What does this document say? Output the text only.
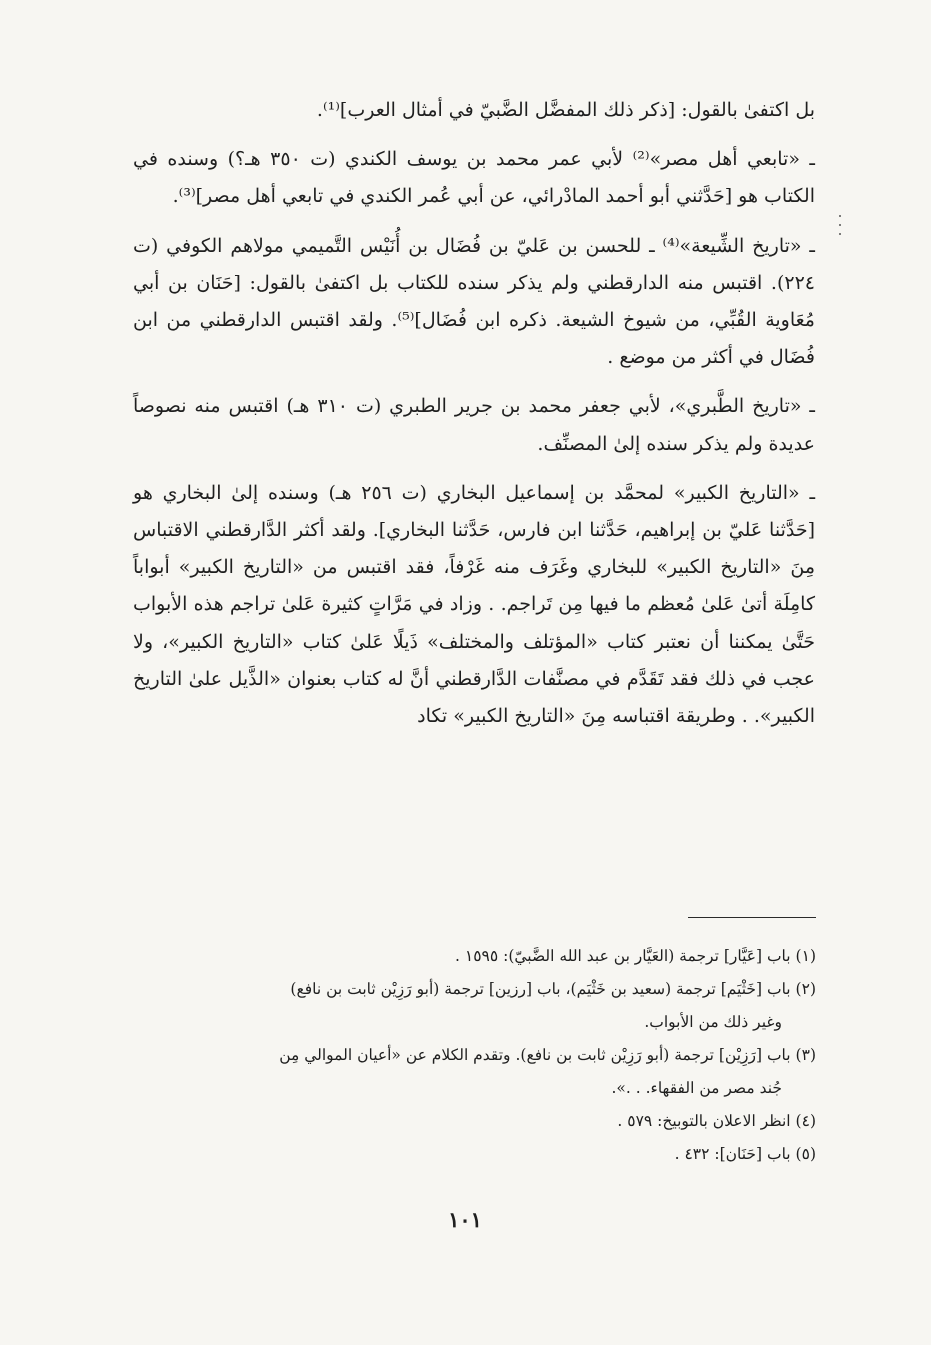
بل اكتفىٰ بالقول: [ذكر ذلك المفضَّل الضَّبيّ في أمثال العرب]⁽¹⁾.

ـ «تابعي أهل مصر»⁽²⁾ لأبي عمر محمد بن يوسف الكندي (ت ٣٥٠ هـ؟) وسنده في الكتاب هو [حَدَّثني أبو أحمد المادْرائي، عن أبي عُمر الكندي في تابعي أهل مصر]⁽³⁾.

ـ «تاريخ الشِّيعة»⁽⁴⁾ ـ للحسن بن عَليّ بن فُضَال بن أُنَيْس التَّميمي مولاهم الكوفي (ت ٢٢٤). اقتبس منه الدارقطني ولم يذكر سنده للكتاب بل اكتفىٰ بالقول: [حَنَان بن أبي مُعَاوية القُبِّي، من شيوخ الشيعة. ذكره ابن فُضَال]⁽⁵⁾. ولقد اقتبس الدارقطني من ابن فُضَال في أكثر من موضع .

ـ «تاريخ الطَّبري»، لأبي جعفر محمد بن جرير الطبري (ت ٣١٠ هـ) اقتبس منه نصوصاً عديدة ولم يذكر سنده إلىٰ المصنِّف.

ـ «التاريخ الكبير» لمحمَّد بن إسماعيل البخاري (ت ٢٥٦ هـ) وسنده إلىٰ البخاري هو [حَدَّثنا عَليّ بن إبراهيم، حَدَّثنا ابن فارس، حَدَّثنا البخاري]. ولقد أكثر الدَّارقطني الاقتباس مِنَ «التاريخ الكبير» للبخاري وغَرَف منه غَرْفاً، فقد اقتبس من «التاريخ الكبير» أبواباً كامِلَة أتىٰ عَلىٰ مُعظم ما فيها مِن تَراجم. . وزاد في مَرَّاتٍ كثيرة عَلىٰ تراجم هذه الأبواب حَتَّىٰ يمكننا أن نعتبر كتاب «المؤتلف والمختلف» ذَيلًا عَلىٰ كتاب «التاريخ الكبير»، ولا عجب في ذلك فقد تَقَدَّم في مصنَّفات الدَّارقطني أنَّ له كتاب بعنوان «الذَّيل علىٰ التاريخ الكبير». . وطريقة اقتباسه مِنَ «التاريخ الكبير» تكاد

(١) باب [عَيَّار] ترجمة (العَيَّار بن عبد الله الضَّبيّ): ١٥٩٥ .
(٢) باب [خَثْيَم] ترجمة (سعيد بن خَثْيَم)، باب [رزين] ترجمة (أبو رَزِيْن ثابت بن نافع)
وغير ذلك من الأبواب.
(٣) باب [رَزِيْن] ترجمة (أبو رَزِيْن ثابت بن نافع). وتقدم الكلام عن «أعيان الموالي مِن
جُند مصر من الفقهاء. . .».
(٤) انظر الاعلان بالتوبيخ: ٥٧٩ .
(٥) باب [حَنَان]: ٤٣٢ .
١٠١
